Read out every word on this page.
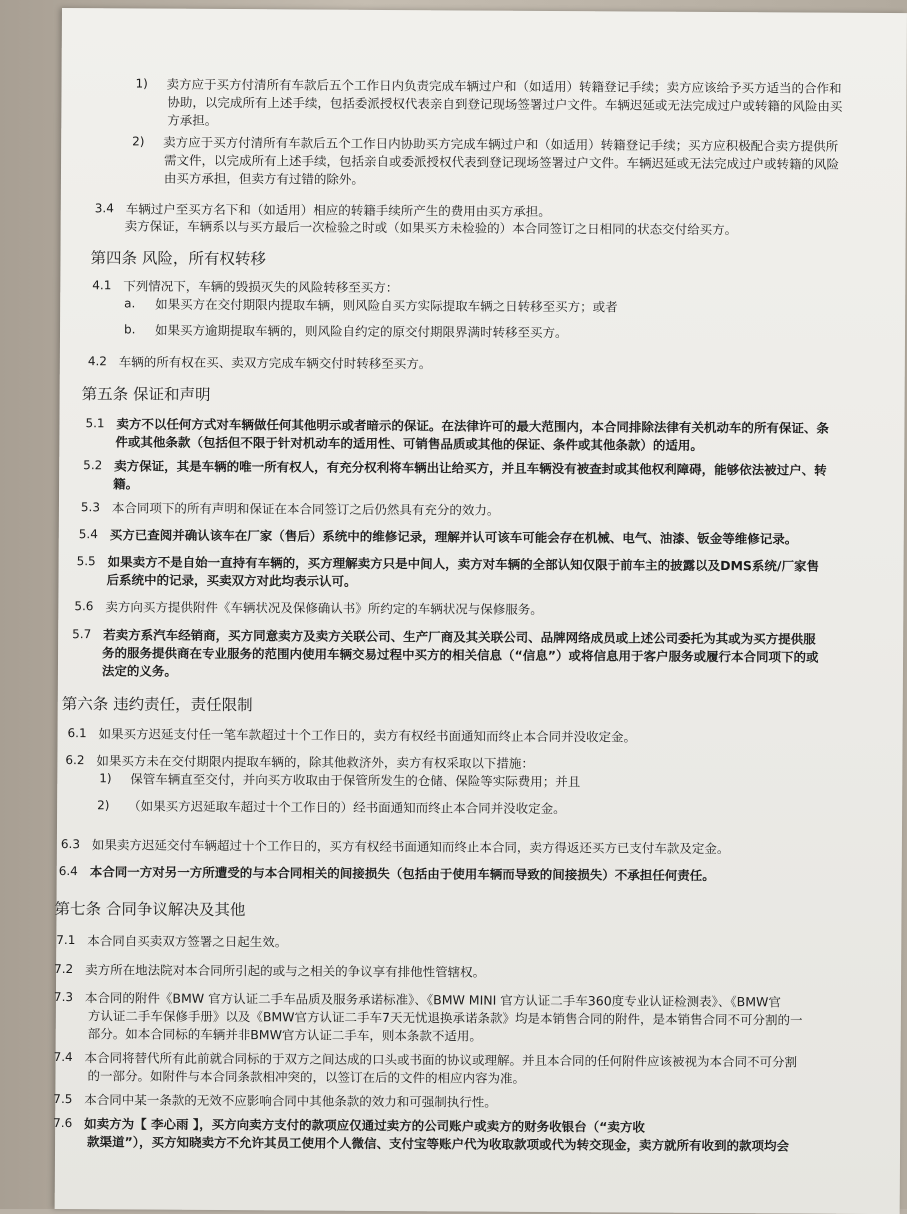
第四条 风险，所有权转移
第五条 保证和声明
第六条 违约责任，责任限制
第七条 合同争议解决及其他
1) 卖方应于买方付清所有车款后五个工作日内负责完成车辆过户和（如适用）转籍登记手续；卖方应该给予买方适当的合作和
协助，以完成所有上述手续，包括委派授权代表亲自到登记现场签署过户文件。车辆迟延或无法完成过户或转籍的风险由买
方承担。
2) 卖方应于买方付清所有车款后五个工作日内协助买方完成车辆过户和（如适用）转籍登记手续；买方应积极配合卖方提供所
需文件，以完成所有上述手续，包括亲自或委派授权代表到登记现场签署过户文件。车辆迟延或无法完成过户或转籍的风险
由买方承担，但卖方有过错的除外。
3.4 车辆过户至买方名下和（如适用）相应的转籍手续所产生的费用由买方承担。
卖方保证，车辆系以与买方最后一次检验之时或（如果买方未检验的）本合同签订之日相同的状态交付给买方。
4.1 下列情况下，车辆的毁损灭失的风险转移至买方：
a. 如果买方在交付期限内提取车辆，则风险自买方实际提取车辆之日转移至买方；或者
b. 如果买方逾期提取车辆的，则风险自约定的原交付期限界满时转移至买方。
4.2 车辆的所有权在买、卖双方完成车辆交付时转移至买方。
5.1 卖方不以任何方式对车辆做任何其他明示或者暗示的保证。在法律许可的最大范围内，本合同排除法律有关机动车的所有保证、条
件或其他条款（包括但不限于针对机动车的适用性、可销售品质或其他的保证、条件或其他条款）的适用。
5.2 卖方保证，其是车辆的唯一所有权人，有充分权利将车辆出让给买方，并且车辆没有被查封或其他权利障碍，能够依法被过户、转
籍。
5.3 本合同项下的所有声明和保证在本合同签订之后仍然具有充分的效力。
5.4 买方已查阅并确认该车在厂家（售后）系统中的维修记录，理解并认可该车可能会存在机械、电气、油漆、钣金等维修记录。
5.5 如果卖方不是自始一直持有车辆的，买方理解卖方只是中间人，卖方对车辆的全部认知仅限于前车主的披露以及DMS系统/厂家售
后系统中的记录，买卖双方对此均表示认可。
5.6 卖方向买方提供附件《车辆状况及保修确认书》所约定的车辆状况与保修服务。
5.7 若卖方系汽车经销商，买方同意卖方及卖方关联公司、生产厂商及其关联公司、品牌网络成员或上述公司委托为其或为买方提供服
务的服务提供商在专业服务的范围内使用车辆交易过程中买方的相关信息（“信息”）或将信息用于客户服务或履行本合同项下的或
法定的义务。
6.1 如果买方迟延支付任一笔车款超过十个工作日的，卖方有权经书面通知而终止本合同并没收定金。
6.2 如果买方未在交付期限内提取车辆的，除其他救济外，卖方有权采取以下措施：
1) 保管车辆直至交付，并向买方收取由于保管所发生的仓储、保险等实际费用；并且
2) （如果买方迟延取车超过十个工作日的）经书面通知而终止本合同并没收定金。
6.3 如果卖方迟延交付车辆超过十个工作日的，买方有权经书面通知而终止本合同，卖方得返还买方已支付车款及定金。
6.4 本合同一方对另一方所遭受的与本合同相关的间接损失（包括由于使用车辆而导致的间接损失）不承担任何责任。
7.1 本合同自买卖双方签署之日起生效。
7.2 卖方所在地法院对本合同所引起的或与之相关的争议享有排他性管辖权。
7.3 本合同的附件《BMW 官方认证二手车品质及服务承诺标准》、《BMW MINI 官方认证二手车360度专业认证检测表》、《BMW官
方认证二手车保修手册》以及《BMW官方认证二手车7天无忧退换承诺条款》均是本销售合同的附件，是本销售合同不可分割的一
部分。如本合同标的车辆并非BMW官方认证二手车，则本条款不适用。
7.4 本合同将替代所有此前就合同标的于双方之间达成的口头或书面的协议或理解。并且本合同的任何附件应该被视为本合同不可分割
的一部分。如附件与本合同条款相冲突的，以签订在后的文件的相应内容为准。
7.5 本合同中某一条款的无效不应影响合同中其他条款的效力和可强制执行性。
7.6 如卖方为【 李心雨 】，买方向卖方支付的款项应仅通过卖方的公司账户或卖方的财务收银台（“卖方收
款渠道”），买方知晓卖方不允许其员工使用个人微信、支付宝等账户代为收取款项或代为转交现金，卖方就所有收到的款项均会
